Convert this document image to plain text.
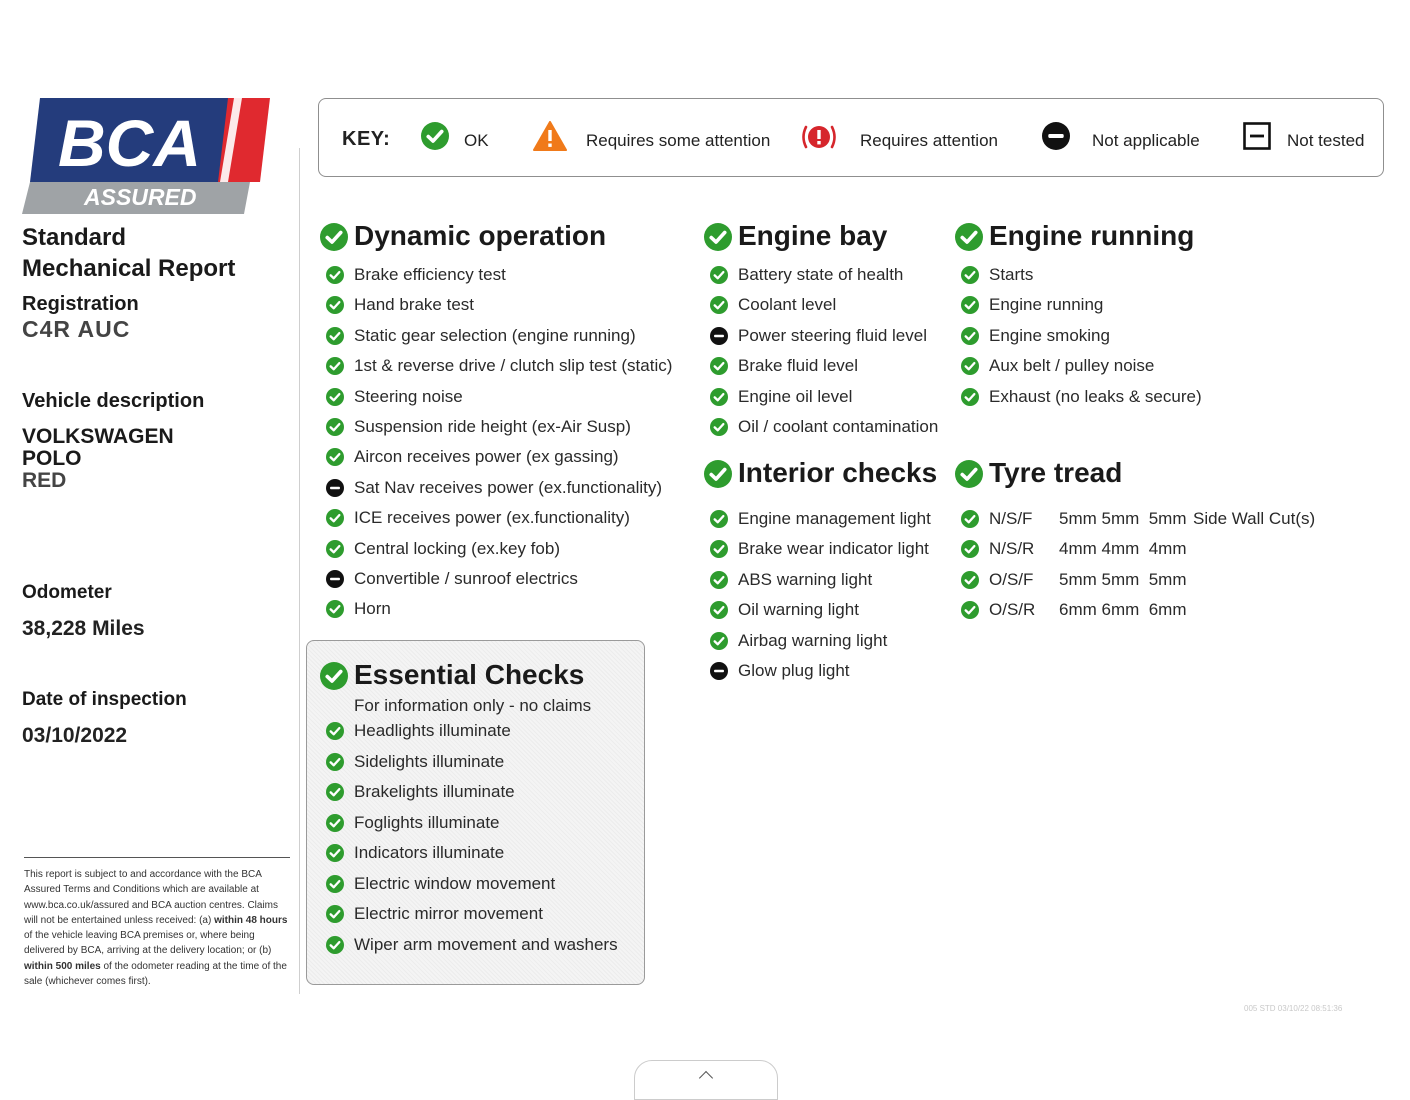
BCA
ASSURED
Standard
Mechanical Report
Registration
C4R AUC
Vehicle description
VOLKSWAGEN
POLO
RED
Odometer
38,228 Miles
Date of inspection
03/10/2022
This report is subject to and accordance with the BCA Assured Terms and Conditions which are available at www.bca.co.uk/assured and BCA auction centres. Claims will not be entertained unless received: (a) within 48 hours of the vehicle leaving BCA premises or, where being delivered by BCA, arriving at the delivery location; or (b) within 500 miles of the odometer reading at the time of the sale (whichever comes first).
KEY:	OK	Requires some attention	Requires attention	Not applicable	Not tested
For information only - no claims
Dynamic operation	Engine bay	Engine running
Interior checks Tyre tread
Essential Checks
Brake efficiency test
Hand brake test
Static gear selection (engine running)
1st & reverse drive / clutch slip test (static)
Steering noise
Suspension ride height (ex-Air Susp)
Aircon receives power (ex gassing)
Sat Nav receives power (ex.functionality)
ICE receives power (ex.functionality)
Central locking (ex.key fob)
Convertible / sunroof electrics
Horn
Battery state of health
Coolant level
Power steering fluid level
Brake fluid level
Engine oil level
Oil / coolant contamination
Starts
Engine running
Engine smoking
Aux belt / pulley noise
Exhaust (no leaks & secure)
Engine management light
Brake wear indicator light
ABS warning light
Oil warning light
Airbag warning light
Glow plug light
Headlights illuminate
Sidelights illuminate
Brakelights illuminate
Foglights illuminate
Indicators illuminate
Electric window movement
Electric mirror movement
Wiper arm movement and washers
N/S/F 5mm 5mm  5mm Side Wall Cut(s)
N/S/R 4mm 4mm  4mm
O/S/F 5mm 5mm  5mm
O/S/R 6mm 6mm  6mm
005 STD 03/10/22 08:51:36
